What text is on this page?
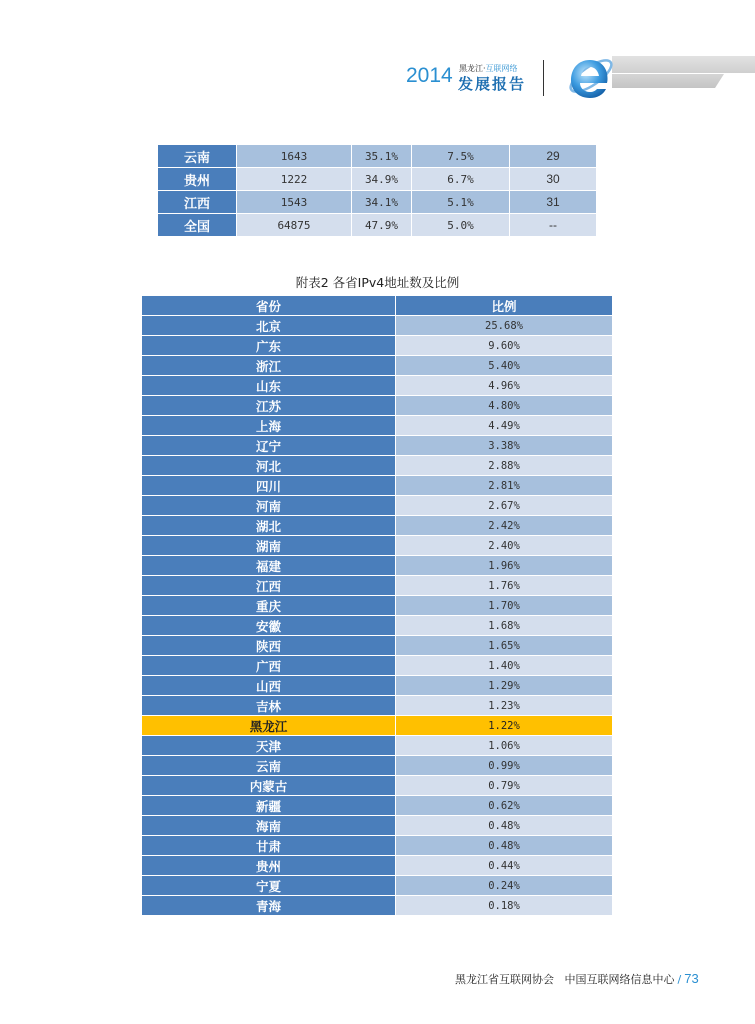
2014 黑龙江·互联网络
发展报告
云南	1643	35.1%	7.5%	29
贵州	1222	34.9%	6.7%	30
江西	1543	34.1%	5.1%	31
全国	64875	47.9%	5.0%	--
附表2 各省IPv4地址数及比例
省份	比例
北京	25.68%
广东	9.60%
浙江	5.40%
山东	4.96%
江苏	4.80%
上海	4.49%
辽宁	3.38%
河北	2.88%
四川	2.81%
河南	2.67%
湖北	2.42%
湖南	2.40%
福建	1.96%
江西	1.76%
重庆	1.70%
安徽	1.68%
陕西	1.65%
广西	1.40%
山西	1.29%
吉林	1.23%
黑龙江	1.22%
天津	1.06%
云南	0.99%
内蒙古	0.79%
新疆	0.62%
海南	0.48%
甘肃	0.48%
贵州	0.44%
宁夏	0.24%
青海	0.18%
黑龙江省互联网协会 中国互联网络信息中心 / 73
